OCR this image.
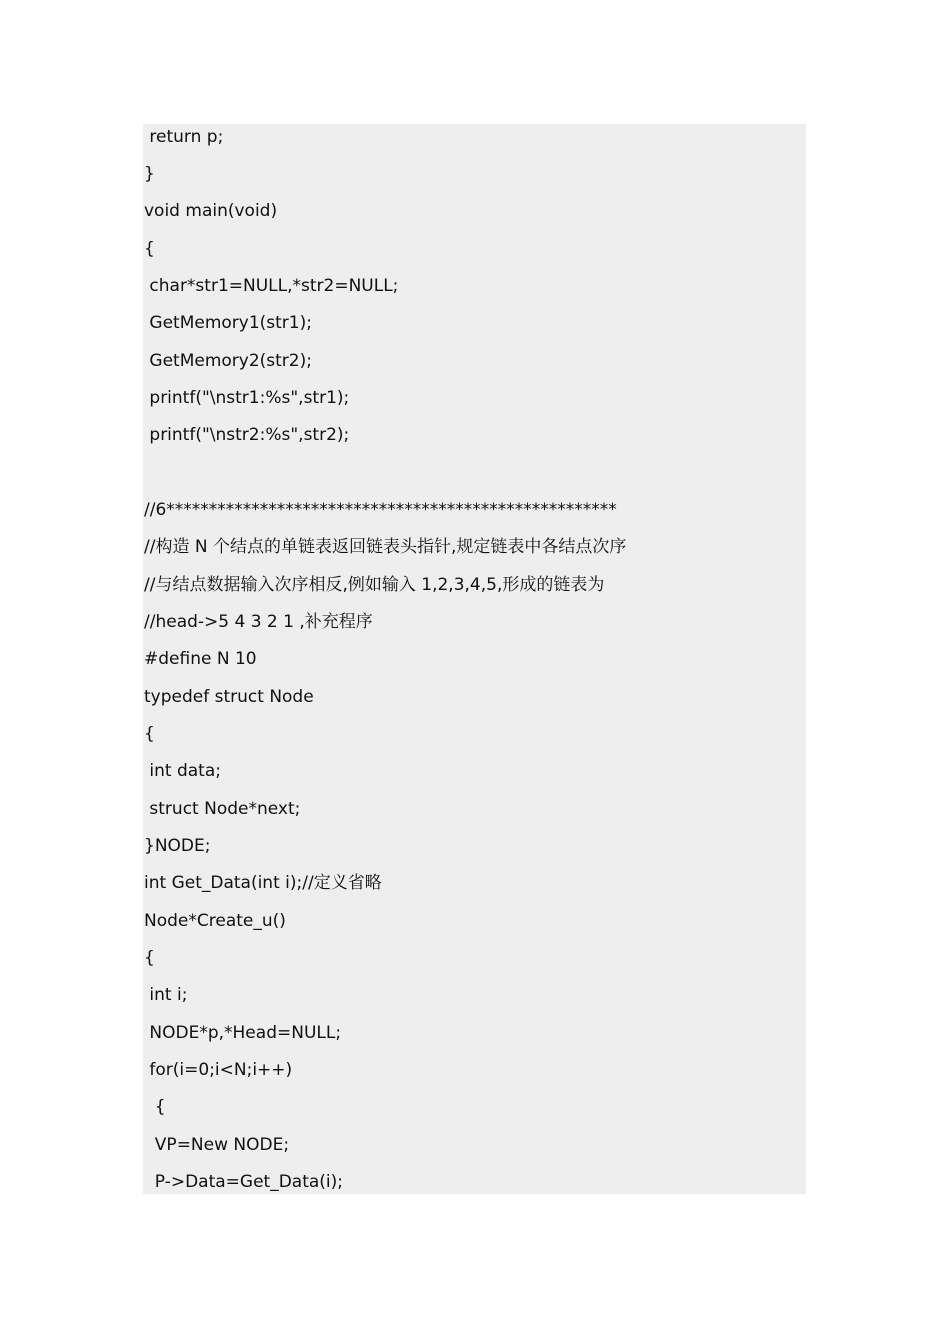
return p;
}
void main(void)
{
char*str1=NULL,*str2=NULL;
GetMemory1(str1);
GetMemory2(str2);
printf("\nstr1:%s",str1);
printf("\nstr2:%s",str2);
//6*****************************************************
//构造 N 个结点的单链表返回链表头指针,规定链表中各结点次序
//与结点数据输入次序相反,例如输入 1,2,3,4,5,形成的链表为
//head->5 4 3 2 1 ,补充程序
#define N 10
typedef struct Node
{
int data;
struct Node*next;
}NODE;
int Get_Data(int i);//定义省略
Node*Create_u()
{
int i;
NODE*p,*Head=NULL;
for(i=0;i<N;i++)
{
VP=New NODE;
P->Data=Get_Data(i);
